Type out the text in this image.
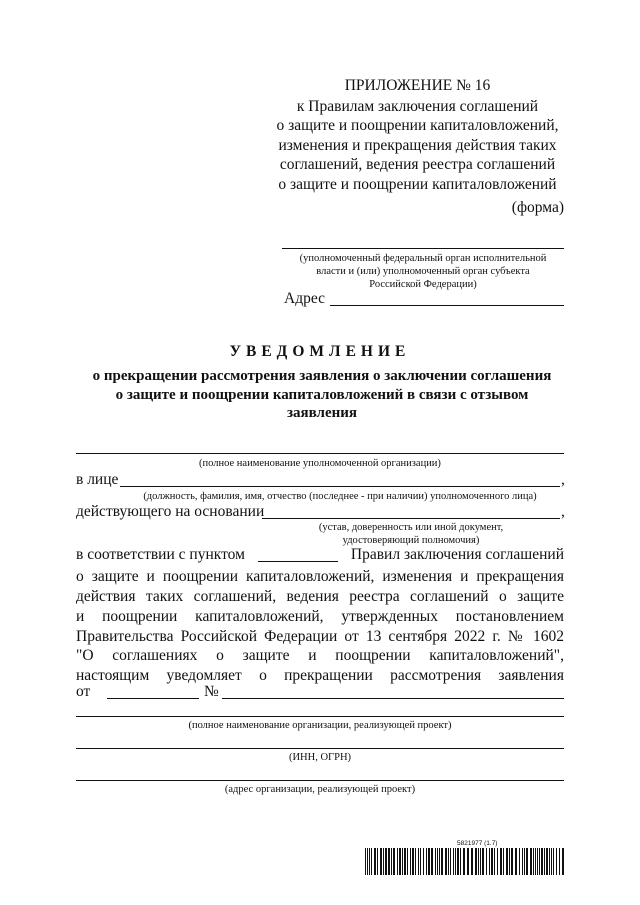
ПРИЛОЖЕНИЕ № 16
к Правилам заключения соглашений
о защите и поощрении капиталовложений,
изменения и прекращения действия таких
соглашений, ведения реестра соглашений
о защите и поощрении капиталовложений
(форма)
(уполномоченный федеральный орган исполнительной
власти и (или) уполномоченный орган субъекта
Российской Федерации)
Адрес
УВЕДОМЛЕНИЕ
о прекращении рассмотрения заявления о заключении соглашения
о защите и поощрении капиталовложений в связи с отзывом
заявления
(полное наименование уполномоченной организации)
в лице	,
(должность, фамилия, имя, отчество (последнее - при наличии) уполномоченного лица)
действующего на основании	,
(устав, доверенность или иной документ,
удостоверяющий полномочия)
в соответствии с пунктом	Правил заключения соглашений
о защите и поощрении капиталовложений, изменения и прекращения
действия таких соглашений, ведения реестра соглашений о защите
и поощрении капиталовложений, утвержденных постановлением
Правительства Российской Федерации от 13 сентября 2022 г. № 1602
"О соглашениях о защите и поощрении капиталовложений",
настоящим уведомляет о прекращении рассмотрения заявления
от	№
(полное наименование организации, реализующей проект)
(ИНН, ОГРН)
(адрес организации, реализующей проект)
5821977 (1.7)
